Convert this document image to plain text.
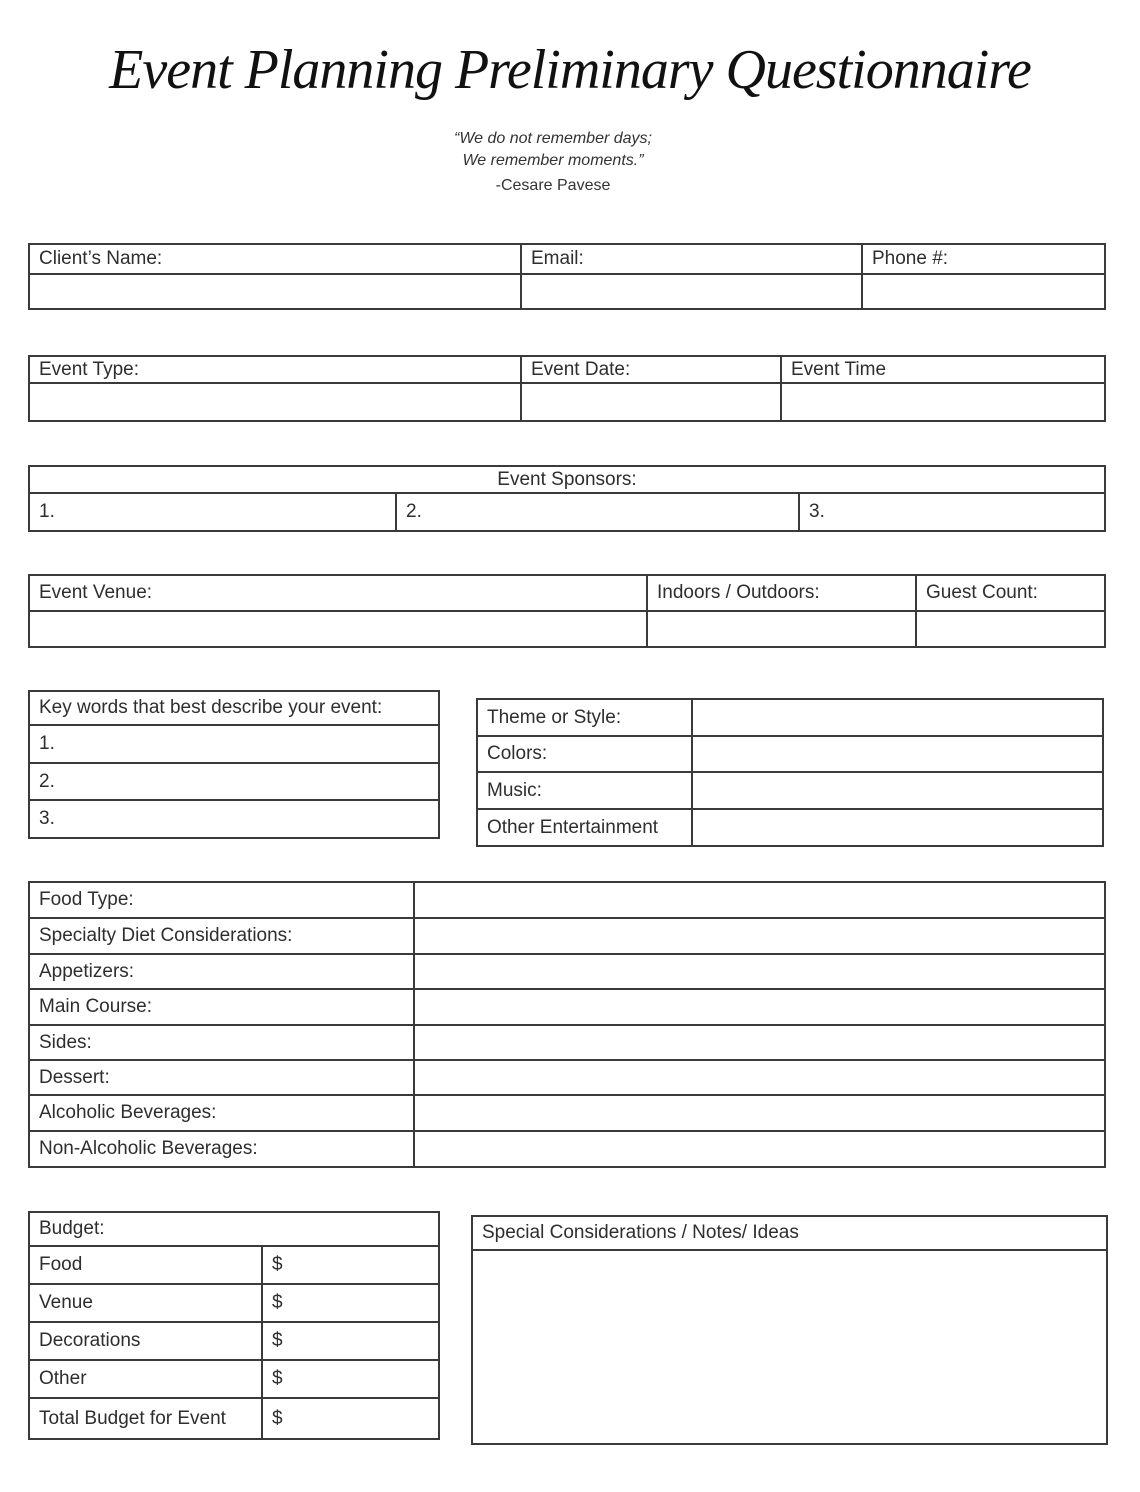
Event Planning Preliminary Questionnaire
“We do not remember days;
We remember moments.”
-Cesare Pavese
Client’s Name:	Email:	Phone #:

Event Type:	Event Date:	Event Time

Event Sponsors:
1.	2.	3.
Event Venue:	Indoors / Outdoors:	Guest Count:

Key words that best describe your event:
1.
2.
3.
Theme or Style:	
Colors:	
Music:	
Other Entertainment	
Food Type:	
Specialty Diet Considerations:	
Appetizers:	
Main Course:	
Sides:	
Dessert:	
Alcoholic Beverages:	
Non-Alcoholic Beverages:	
Budget:	
Food	$
Venue	$
Decorations	$
Other	$
Total Budget for Event	$
Special Considerations / Notes/ Ideas
